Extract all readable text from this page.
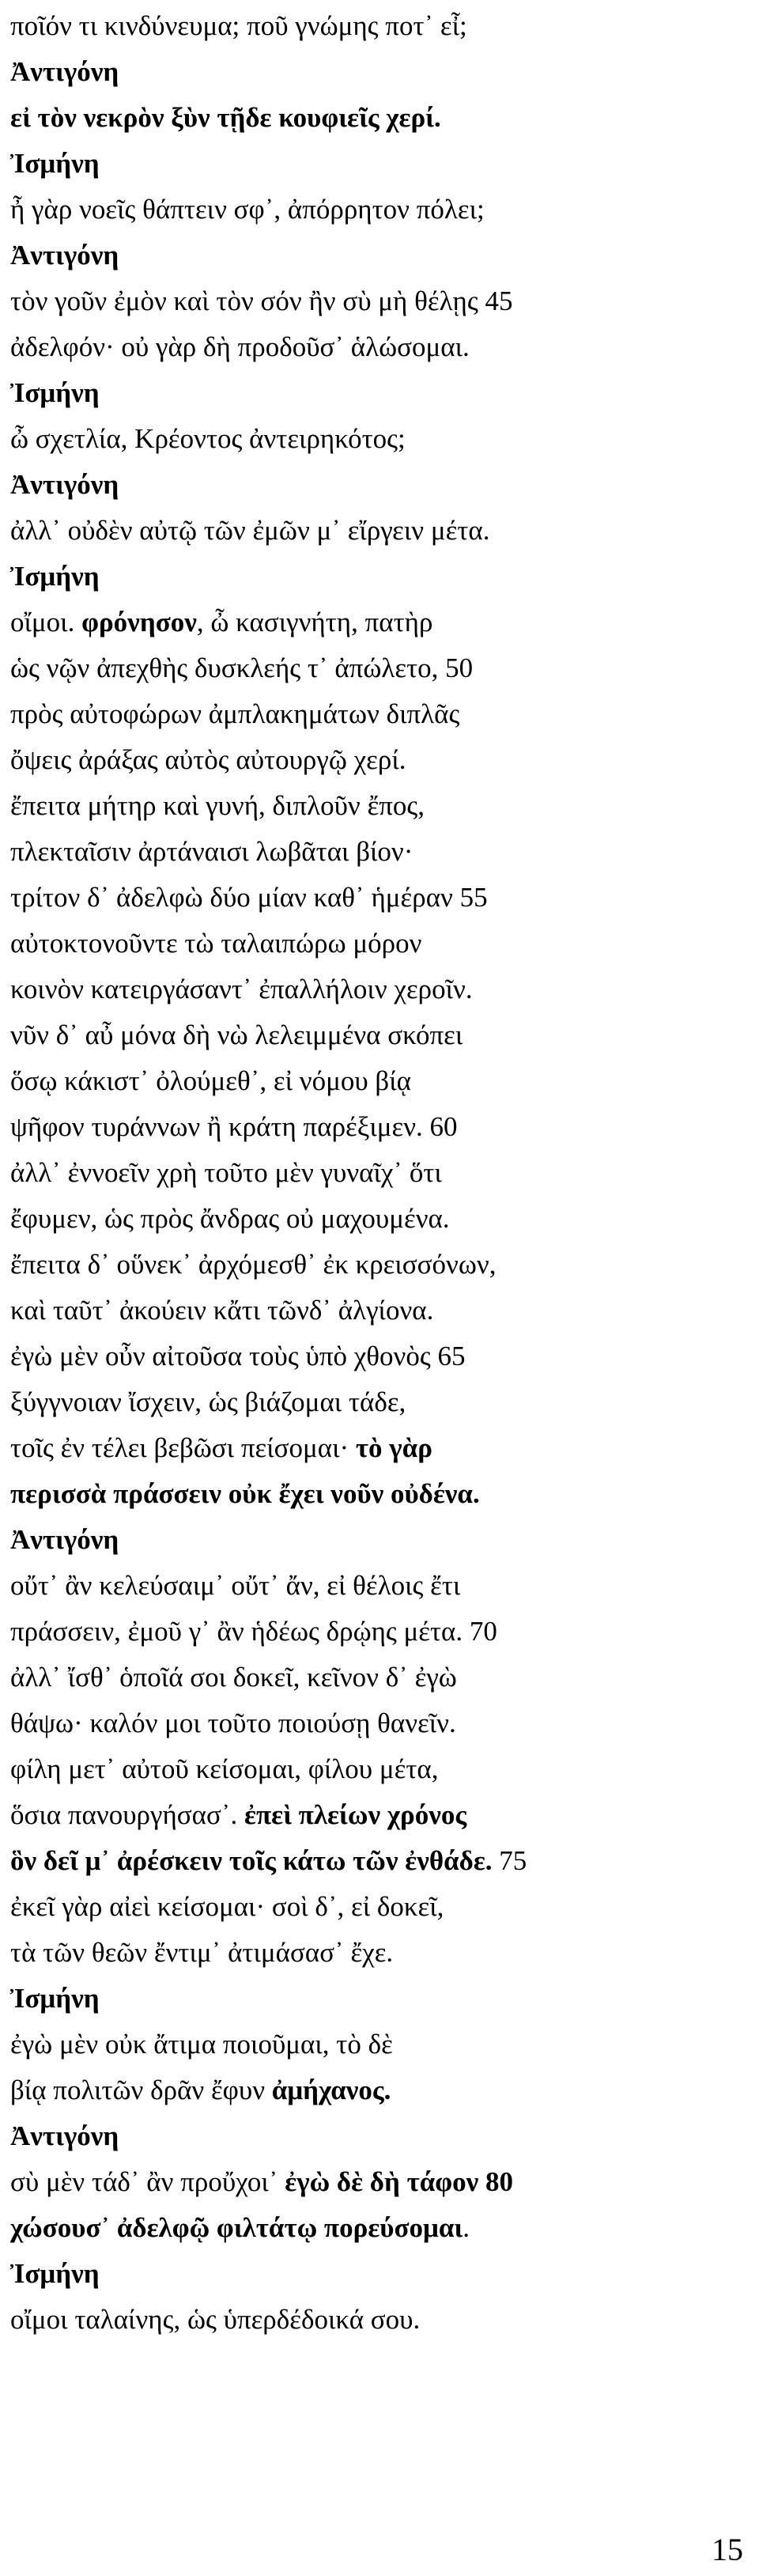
ποῖόν τι κινδύνευμα; ποῦ γνώμης ποτ᾽ εἶ;
Ἀντιγόνη
εἰ τὸν νεκρὸν ξὺν τῇδε κουφιεῖς χερί.
Ἰσμήνη
ἦ γὰρ νοεῖς θάπτειν σφ᾽, ἀπόρρητον πόλει;
Ἀντιγόνη
τὸν γοῦν ἐμὸν καὶ τὸν σόν ἢν σὺ μὴ θέλῃς 45
ἀδελφόν· οὐ γὰρ δὴ προδοῦσ᾽ ἁλώσομαι.
Ἰσμήνη
ὦ σχετλία, Κρέοντος ἀντειρηκότος;
Ἀντιγόνη
ἀλλ᾽ οὐδὲν αὐτῷ τῶν ἐμῶν μ᾽ εἴργειν μέτα.
Ἰσμήνη
οἴμοι. φρόνησον, ὦ κασιγνήτη, πατὴρ
ὡς νῷν ἀπεχθὴς δυσκλεής τ᾽ ἀπώλετο, 50
πρὸς αὐτοφώρων ἀμπλακημάτων διπλᾶς
ὄψεις ἀράξας αὐτὸς αὐτουργῷ χερί.
ἔπειτα μήτηρ καὶ γυνή, διπλοῦν ἔπος,
πλεκταῖσιν ἀρτάναισι λωβᾶται βίον·
τρίτον δ᾽ ἀδελφὼ δύο μίαν καθ᾽ ἡμέραν 55
αὐτοκτονοῦντε τὼ ταλαιπώρω μόρον
κοινὸν κατειργάσαντ᾽ ἐπαλλήλοιν χεροῖν.
νῦν δ᾽ αὖ μόνα δὴ νὼ λελειμμένα σκόπει
ὅσῳ κάκιστ᾽ ὀλούμεθ᾽, εἰ νόμου βίᾳ
ψῆφον τυράννων ἢ κράτη παρέξιμεν. 60
ἀλλ᾽ ἐννοεῖν χρὴ τοῦτο μὲν γυναῖχ᾽ ὅτι
ἔφυμεν, ὡς πρὸς ἄνδρας οὐ μαχουμένα.
ἔπειτα δ᾽ οὕνεκ᾽ ἀρχόμεσθ᾽ ἐκ κρεισσόνων,
καὶ ταῦτ᾽ ἀκούειν κἄτι τῶνδ᾽ ἀλγίονα.
ἐγὼ μὲν οὖν αἰτοῦσα τοὺς ὑπὸ χθονὸς 65
ξύγγνοιαν ἴσχειν, ὡς βιάζομαι τάδε,
τοῖς ἐν τέλει βεβῶσι πείσομαι· τὸ γὰρ
περισσὰ πράσσειν οὐκ ἔχει νοῦν οὐδένα.
Ἀντιγόνη
οὔτ᾽ ἂν κελεύσαιμ᾽ οὔτ᾽ ἄν, εἰ θέλοις ἔτι
πράσσειν, ἐμοῦ γ᾽ ἂν ἡδέως δρῴης μέτα. 70
ἀλλ᾽ ἴσθ᾽ ὁποῖά σοι δοκεῖ, κεῖνον δ᾽ ἐγὼ
θάψω· καλόν μοι τοῦτο ποιούσῃ θανεῖν.
φίλη μετ᾽ αὐτοῦ κείσομαι, φίλου μέτα,
ὅσια πανουργήσασ᾽. ἐπεὶ πλείων χρόνος
ὃν δεῖ μ᾽ ἀρέσκειν τοῖς κάτω τῶν ἐνθάδε. 75
ἐκεῖ γὰρ αἰεὶ κείσομαι· σοὶ δ᾽, εἰ δοκεῖ,
τὰ τῶν θεῶν ἔντιμ᾽ ἀτιμάσασ᾽ ἔχε.
Ἰσμήνη
ἐγὼ μὲν οὐκ ἄτιμα ποιοῦμαι, τὸ δὲ
βίᾳ πολιτῶν δρᾶν ἔφυν ἀμήχανος.
Ἀντιγόνη
σὺ μὲν τάδ᾽ ἂν προὔχοι᾽ ἐγὼ δὲ δὴ τάφον 80
χώσουσ᾽ ἀδελφῷ φιλτάτῳ πορεύσομαι.
Ἰσμήνη
οἴμοι ταλαίνης, ὡς ὑπερδέδοικά σου.
15
